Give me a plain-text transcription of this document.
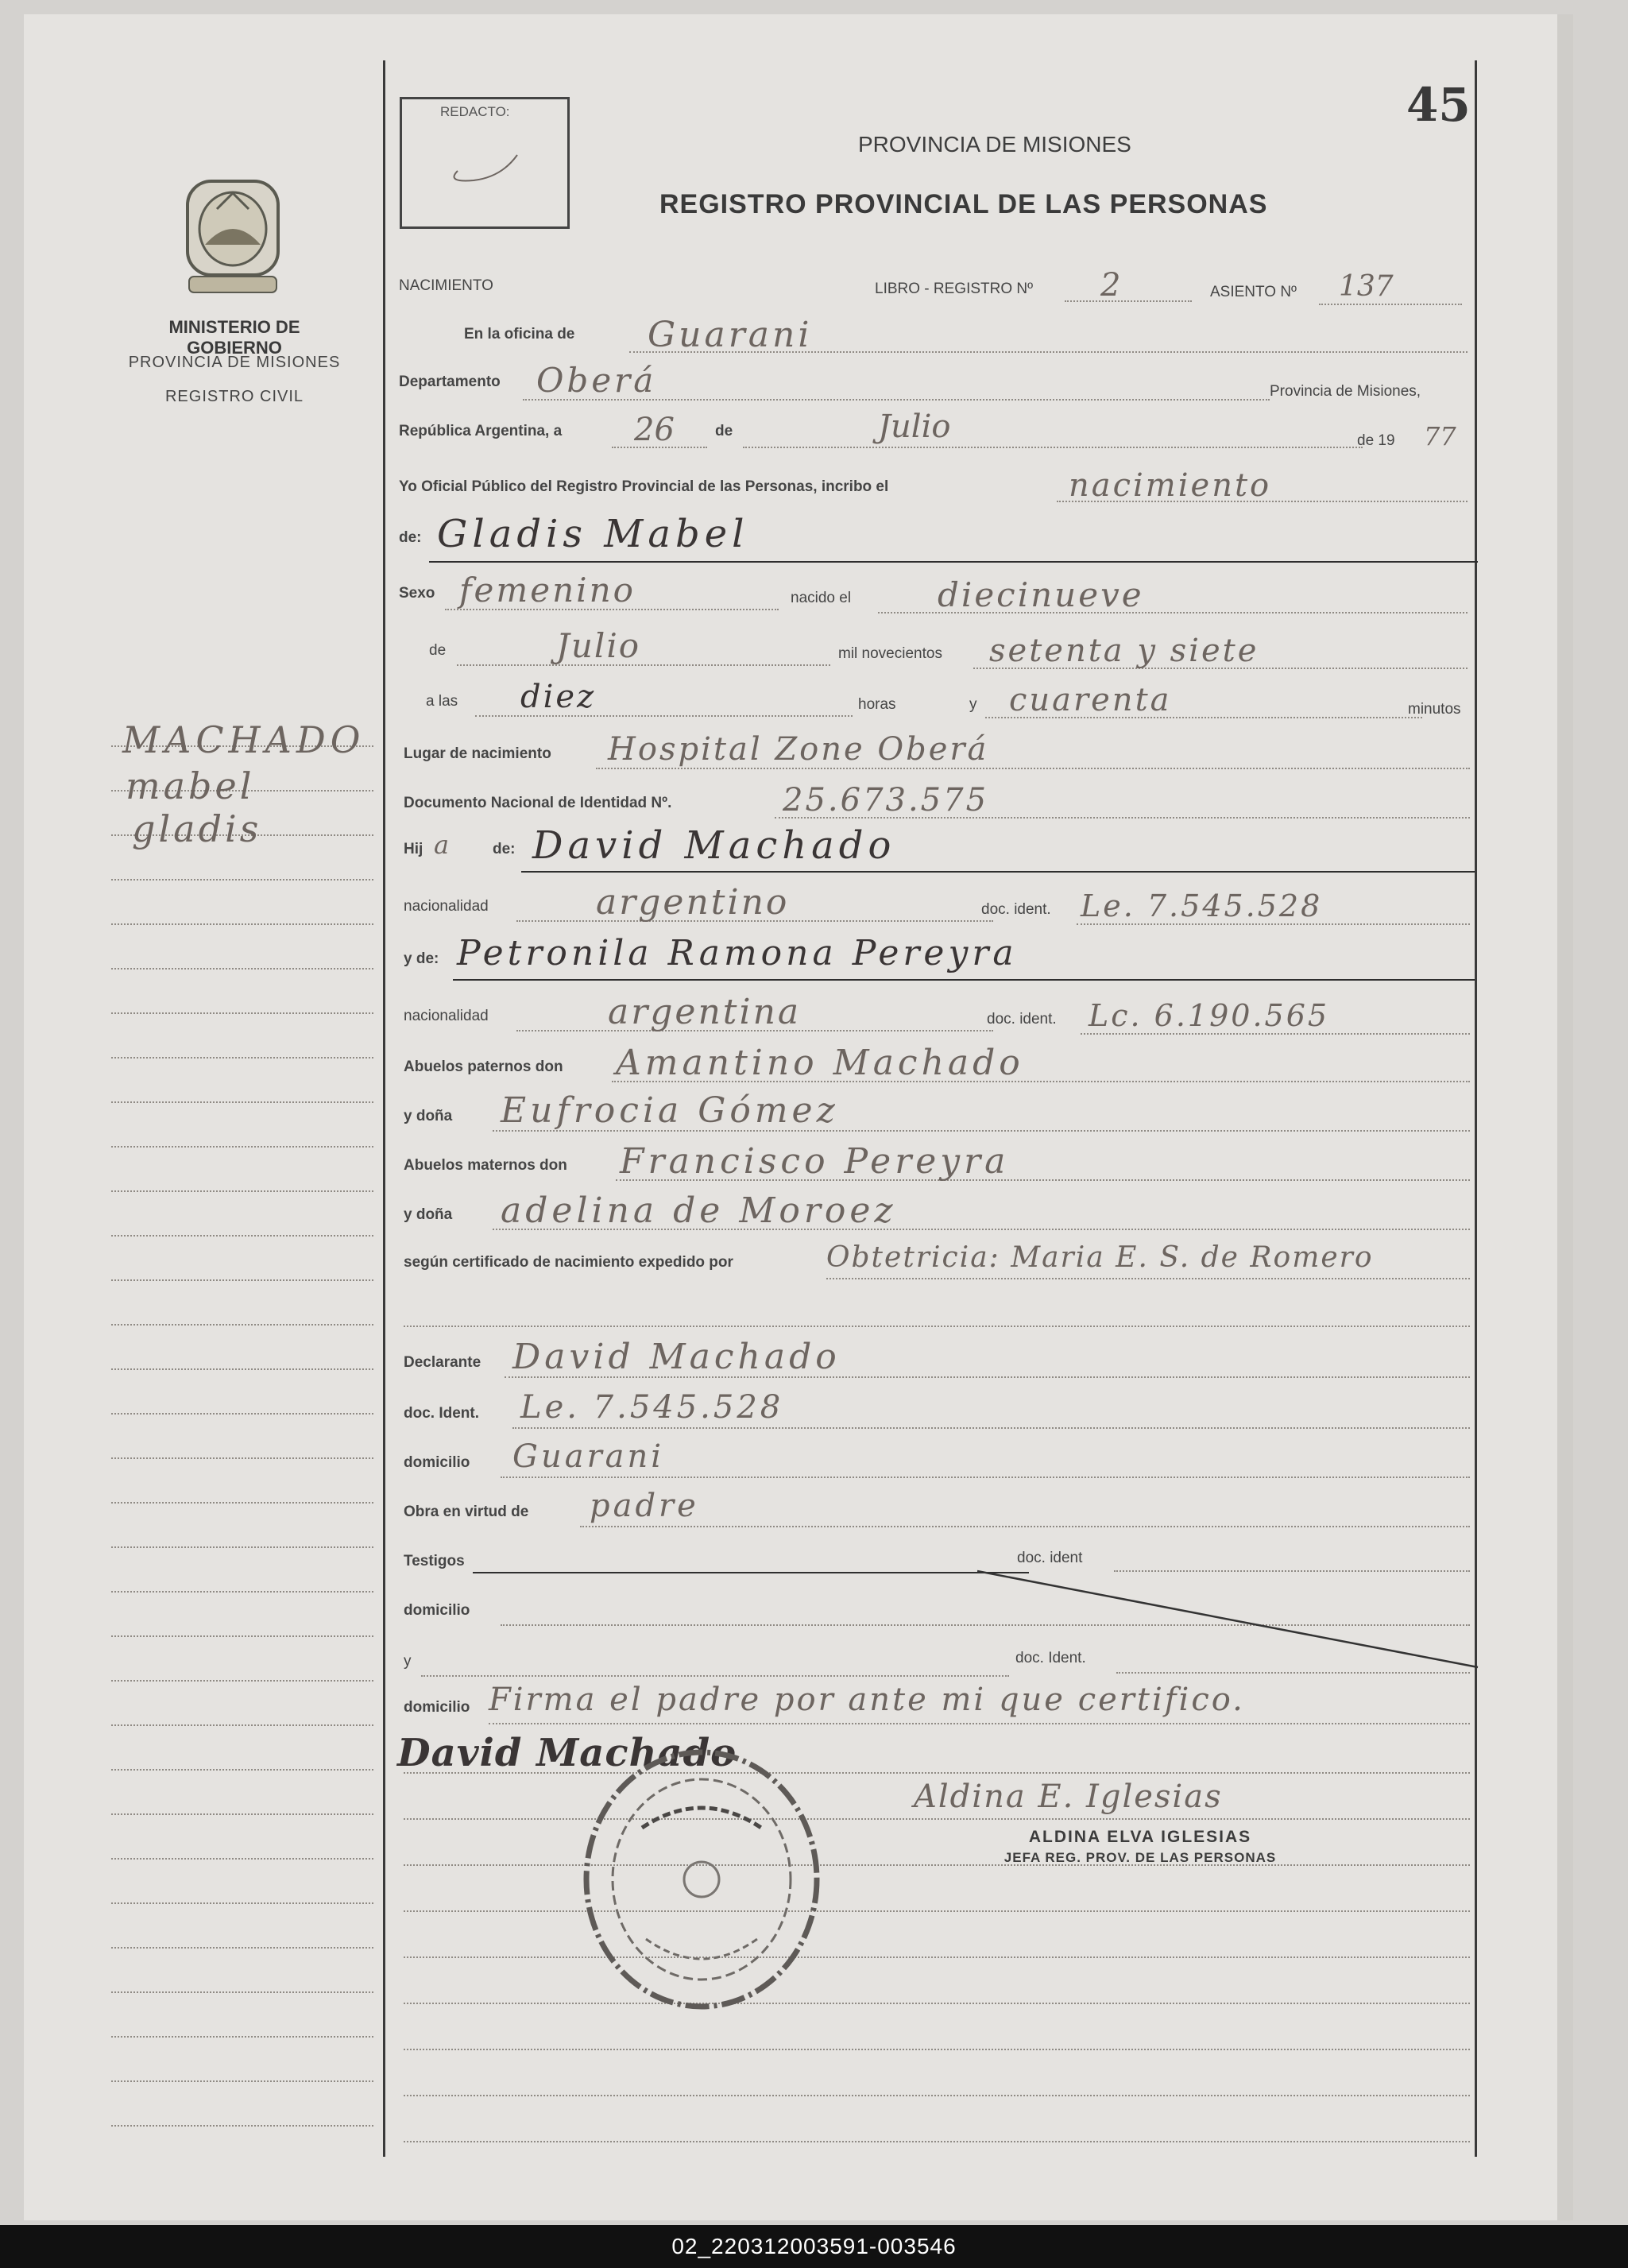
45
REDACTO:
MINISTERIO DE GOBIERNO
PROVINCIA DE MISIONES
REGISTRO CIVIL
PROVINCIA DE MISIONES
REGISTRO PROVINCIAL DE LAS PERSONAS
MACHADO
mabel
gladis
NACIMIENTO	LIBRO - REGISTRO Nº 2	ASIENTO Nº 137
En la oficina de Guarani
Departamento Oberá	Provincia de Misiones,
República Argentina, a 26	de	Julio	de 19 77
Yo Oficial Público del Registro Provincial de las Personas, incribo el	nacimiento
de: Gladis Mabel
Sexo femenino	nacido el	diecinueve
de	Julio	mil novecientos setenta y siete
a las diez	horas	y cuarenta	minutos
Lugar de nacimiento Hospital Zone Oberá
Documento Nacional de Identidad Nº.	25.673.575
Hij a	de: David Machado
nacionalidad	argentino	doc. ident. Le. 7.545.528
y de: Petronila Ramona Pereyra
nacionalidad	argentina	doc. ident. Lc. 6.190.565
Abuelos paternos don Amantino Machado
y doña Eufrocia Gómez
Abuelos maternos don Francisco Pereyra
y doña adelina de Moroez
según certificado de nacimiento expedido por	Obtetricia: Maria E. S. de Romero
Declarante David Machado
doc. Ident. Le. 7.545.528
domicilio Guarani
Obra en virtud de padre
Testigos	doc. ident
domicilio
y	doc. Ident.
domicilio Firma el padre por ante mi que certifico.
David Machado
Aldina E. Iglesias
ALDINA ELVA IGLESIAS
JEFA REG. PROV. DE LAS PERSONAS
02_220312003591-003546
